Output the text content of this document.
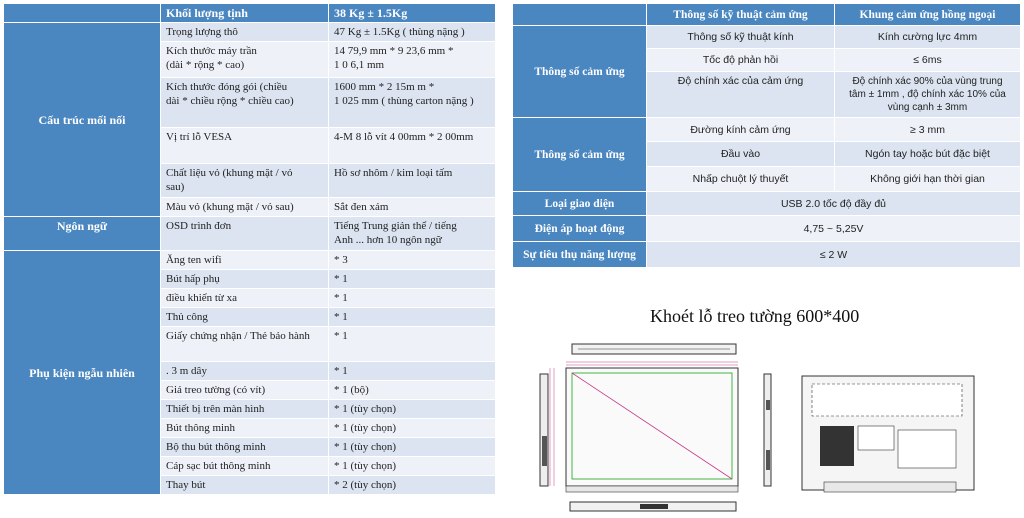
	Khối lượng tịnh	38 Kg ± 1.5Kg
Cấu trúc mối nối	Trọng lượng thô	47 Kg ± 1.5Kg ( thùng nặng )
	Kích thước máy trần
(dài * rộng * cao)	14 79,9 mm * 9 23,6 mm *
1 0 6,1 mm
	Kích thước đóng gói (chiều
dài * chiều rộng * chiều cao)	1600 mm * 2 15m m *
1 025 mm ( thùng carton nặng )
	Vị trí lỗ VESA	4-M 8 lỗ vít 4 00mm * 2 00mm
	Chất liệu vỏ (khung mặt / vỏ
sau)	Hồ sơ nhôm / kim loại tấm
	Màu vỏ (khung mặt / vỏ sau)	Sắt đen xám
Ngôn ngữ	OSD trình đơn	Tiếng Trung giản thể / tiếng
Anh ... hơn 10 ngôn ngữ
Phụ kiện ngẫu nhiên	Ăng ten wifi	* 3
	Bút hấp phụ	* 1
	điều khiển từ xa	* 1
	Thủ công	* 1
	Giấy chứng nhận / Thẻ bảo hành	* 1
	. 3 m dây	* 1
	Giá treo tường (có vít)	* 1 (bộ)
	Thiết bị trên màn hình	* 1 (tùy chọn)
	Bút thông minh	* 1 (tùy chọn)
	Bộ thu bút thông minh	* 1 (tùy chọn)
	Cáp sạc bút thông minh	* 1 (tùy chọn)
	Thay bút	* 2 (tùy chọn)
	Thông số kỹ thuật cảm ứng	Khung cảm ứng hồng ngoại
Thông số cảm ứng	Thông số kỹ thuật kính	Kính cường lực 4mm
	Tốc độ phản hồi	≤ 6ms
	Độ chính xác của cảm ứng	Độ chính xác 90% của vùng trung
tâm ± 1mm , độ chính xác 10% của
vùng cạnh ± 3mm
Thông số cảm ứng	Đường kính cảm ứng	≥ 3 mm
	Đầu vào	Ngón tay hoặc bút đặc biệt
	Nhấp chuột lý thuyết	Không giới hạn thời gian
Loại giao diện	USB 2.0 tốc độ đầy đủ	
Điện áp hoạt động	4,75 ~ 5,25V	
Sự tiêu thụ năng lượng	≤ 2 W	
Khoét lỗ treo tường 600*400
